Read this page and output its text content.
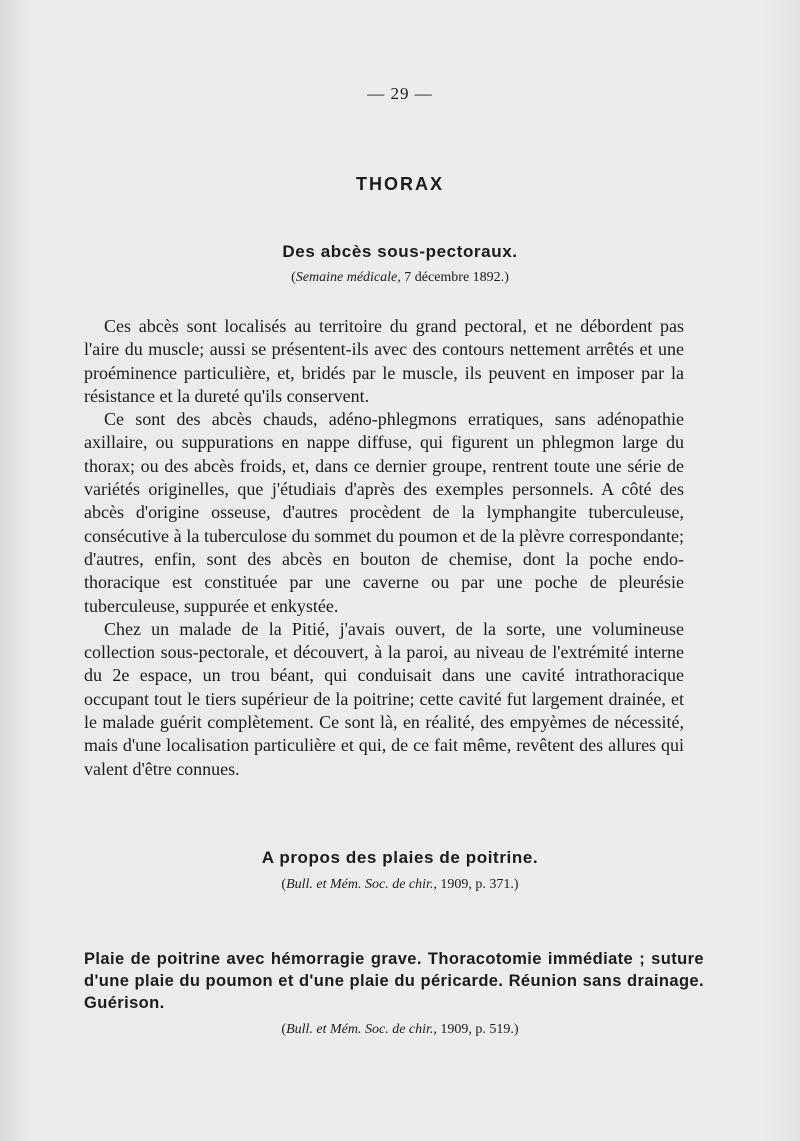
— 29 —
THORAX
Des abcès sous-pectoraux.
(Semaine médicale, 7 décembre 1892.)

Ces abcès sont localisés au territoire du grand pectoral, et ne débordent pas l'aire du muscle; aussi se présentent-ils avec des contours nettement arrêtés et une proéminence particulière, et, bridés par le muscle, ils peuvent en imposer par la résistance et la dureté qu'ils conservent.

Ce sont des abcès chauds, adéno-phlegmons erratiques, sans adénopathie axillaire, ou suppurations en nappe diffuse, qui figurent un phlegmon large du thorax; ou des abcès froids, et, dans ce dernier groupe, rentrent toute une série de variétés originelles, que j'étudiais d'après des exemples personnels. A côté des abcès d'origine osseuse, d'autres procèdent de la lymphangite tuberculeuse, consécutive à la tuberculose du sommet du poumon et de la plèvre correspondante; d'autres, enfin, sont des abcès en bouton de chemise, dont la poche endo-thoracique est constituée par une caverne ou par une poche de pleurésie tuberculeuse, suppurée et enkystée.

Chez un malade de la Pitié, j'avais ouvert, de la sorte, une volumineuse collection sous-pectorale, et découvert, à la paroi, au niveau de l'extrémité interne du 2e espace, un trou béant, qui conduisait dans une cavité intrathoracique occupant tout le tiers supérieur de la poitrine; cette cavité fut largement drainée, et le malade guérit complètement. Ce sont là, en réalité, des empyèmes de nécessité, mais d'une localisation particulière et qui, de ce fait même, revêtent des allures qui valent d'être connues.

A propos des plaies de poitrine.
(Bull. et Mém. Soc. de chir., 1909, p. 371.)
Plaie de poitrine avec hémorragie grave. Thoracotomie immédiate ; suture d'une plaie du poumon et d'une plaie du péricarde. Réunion sans drainage. Guérison.
(Bull. et Mém. Soc. de chir., 1909, p. 519.)
